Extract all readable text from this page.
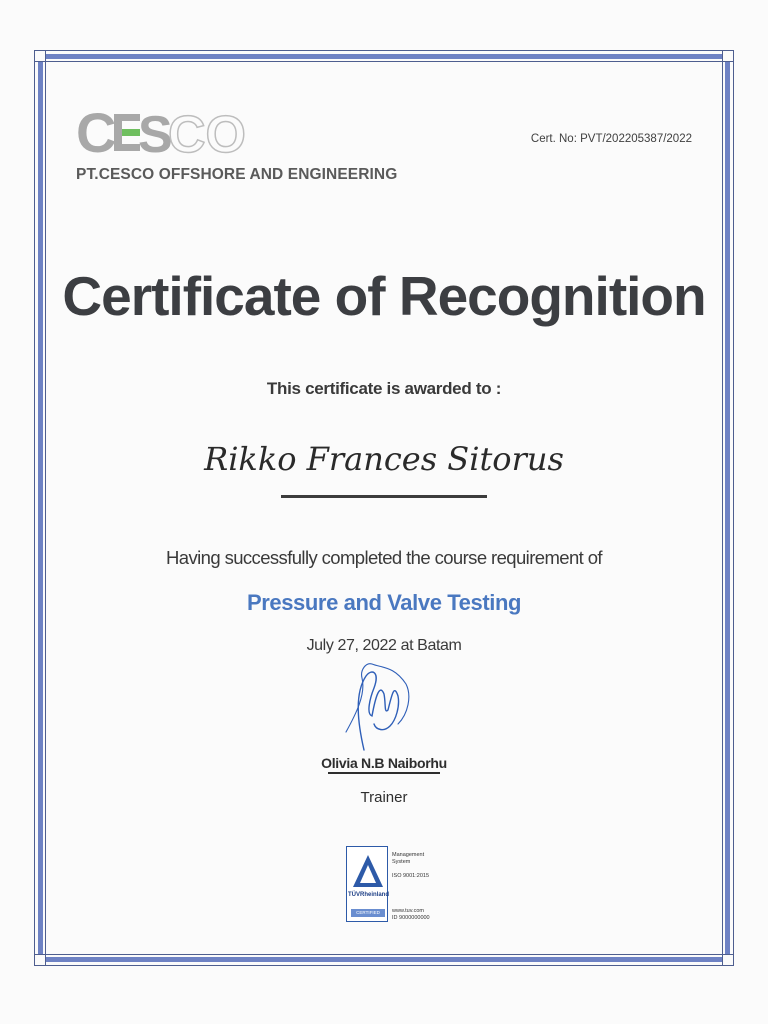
C S
CO
PT.CESCO OFFSHORE AND ENGINEERING
Cert. No: PVT/202205387/2022
Certificate of Recognition
This certificate is awarded to :
Rikko Frances Sitorus
Having successfully completed the course requirement of
Pressure and Valve Testing
July 27, 2022 at Batam
Olivia N.B Naiborhu
Trainer
TÜVRheinland
CERTIFIED
Management
System
ISO 9001:2015
www.tuv.com
ID 9000000000
